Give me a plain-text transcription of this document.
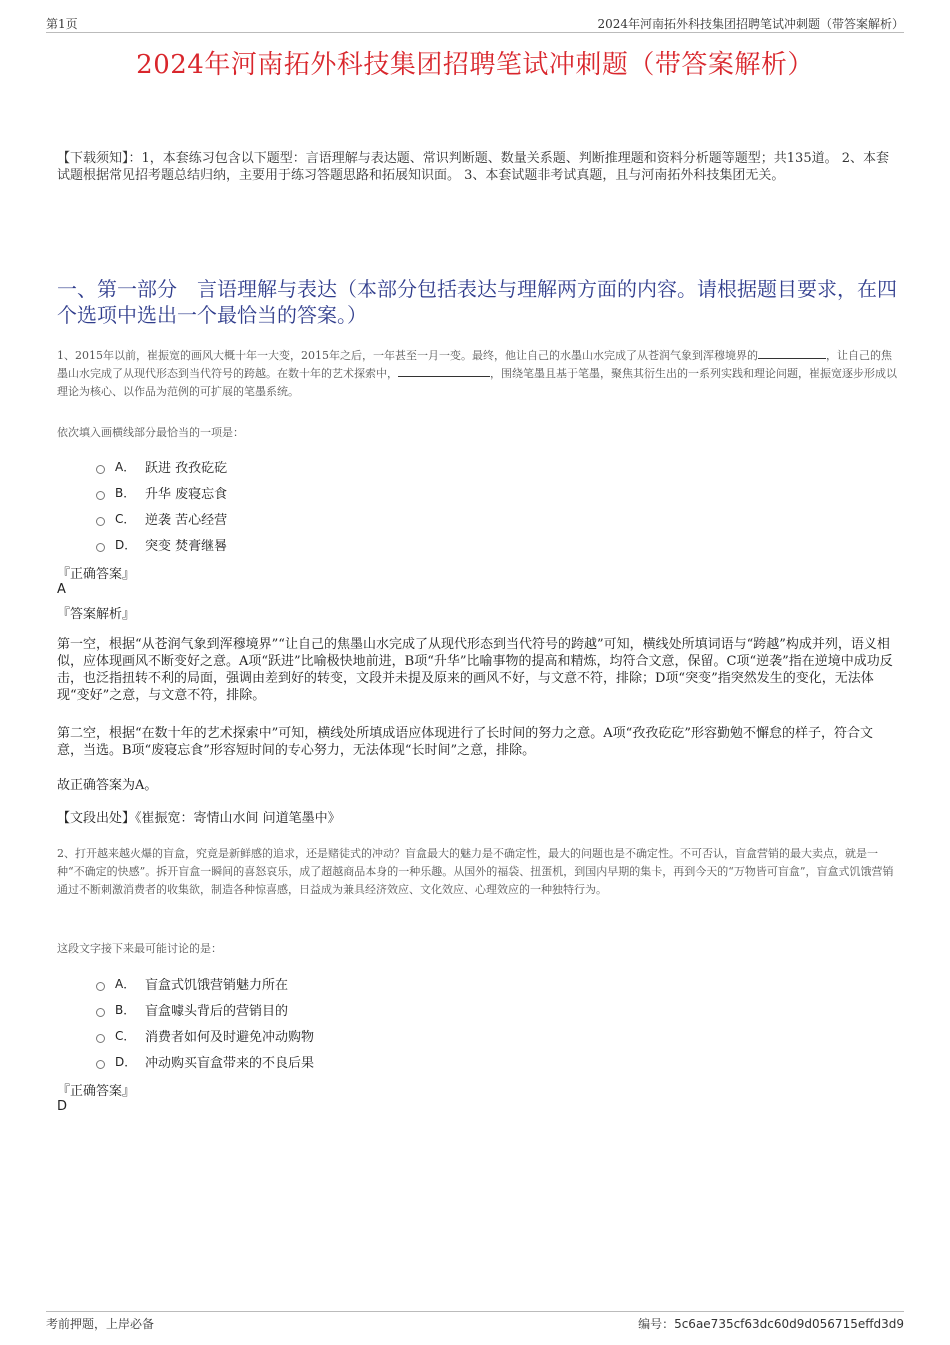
第1页	2024年河南拓外科技集团招聘笔试冲刺题（带答案解析）
2024年河南拓外科技集团招聘笔试冲刺题（带答案解析）
【下载须知】：1，本套练习包含以下题型：言语理解与表达题、常识判断题、数量关系题、判断推理题和资料分析题等题型；共135道。 2、本套试题根据常见招考题总结归纳，主要用于练习答题思路和拓展知识面。 3、本套试题非考试真题，且与河南拓外科技集团无关。
一、第一部分　言语理解与表达（本部分包括表达与理解两方面的内容。请根据题目要求，在四个选项中选出一个最恰当的答案。）
1、2015年以前，崔振宽的画风大概十年一大变，2015年之后，一年甚至一月一变。最终，他让自己的水墨山水完成了从苍润气象到浑穆境界的	，让自己的焦墨山水完成了从现代形态到当代符号的跨越。在数十年的艺术探索中，	，围绕笔墨且基于笔墨，聚焦其衍生出的一系列实践和理论问题，崔振宽逐步形成以理论为核心、以作品为范例的可扩展的笔墨系统。
依次填入画横线部分最恰当的一项是：
A． 跃进 孜孜矻矻
B． 升华 废寝忘食
C． 逆袭 苦心经营
D． 突变 焚膏继晷
『正确答案』
A
『答案解析』
第一空，根据“从苍润气象到浑穆境界”“让自己的焦墨山水完成了从现代形态到当代符号的跨越”可知，横线处所填词语与“跨越”构成并列，语义相似，应体现画风不断变好之意。A项“跃进”比喻极快地前进，B项“升华”比喻事物的提高和精炼，均符合文意，保留。C项“逆袭”指在逆境中成功反击，也泛指扭转不利的局面，强调由差到好的转变，文段并未提及原来的画风不好，与文意不符，排除；D项“突变”指突然发生的变化，无法体现“变好”之意，与文意不符，排除。
第二空，根据“在数十年的艺术探索中”可知，横线处所填成语应体现进行了长时间的努力之意。A项“孜孜矻矻”形容勤勉不懈怠的样子，符合文意，当选。B项“废寝忘食”形容短时间的专心努力，无法体现“长时间”之意，排除。
故正确答案为A。
【文段出处】《崔振宽：寄情山水间 问道笔墨中》
2、打开越来越火爆的盲盒，究竟是新鲜感的追求，还是赌徒式的冲动？盲盒最大的魅力是不确定性，最大的问题也是不确定性。不可否认，盲盒营销的最大卖点，就是一种“不确定的快感”。拆开盲盒一瞬间的喜怒哀乐，成了超越商品本身的一种乐趣。从国外的福袋、扭蛋机，到国内早期的集卡，再到今天的“万物皆可盲盒”，盲盒式饥饿营销通过不断刺激消费者的收集欲，制造各种惊喜感，日益成为兼具经济效应、文化效应、心理效应的一种独特行为。
这段文字接下来最可能讨论的是：
A． 盲盒式饥饿营销魅力所在
B． 盲盒噱头背后的营销目的
C． 消费者如何及时避免冲动购物
D． 冲动购买盲盒带来的不良后果
『正确答案』
D
考前押题，上岸必备	编号：5c6ae735cf63dc60d9d056715effd3d9
